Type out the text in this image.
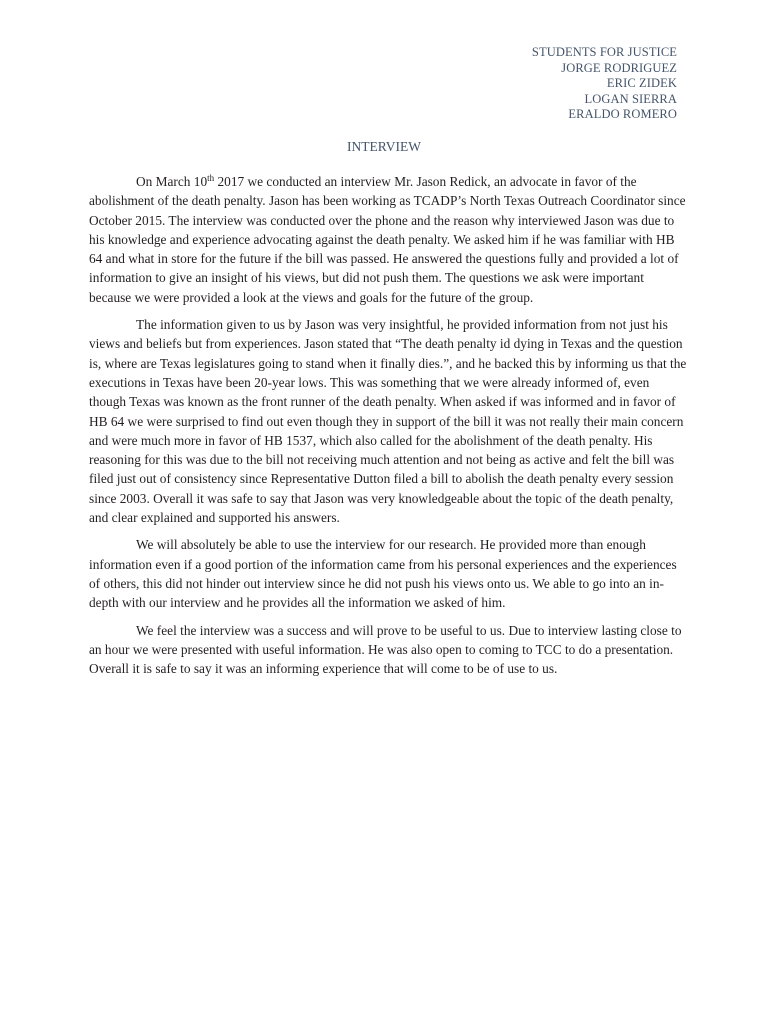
STUDENTS FOR JUSTICE
JORGE RODRIGUEZ
ERIC ZIDEK
LOGAN SIERRA
ERALDO ROMERO
INTERVIEW

On March 10th 2017 we conducted an interview Mr. Jason Redick, an advocate in favor of the abolishment of the death penalty. Jason has been working as TCADP’s North Texas Outreach Coordinator since October 2015. The interview was conducted over the phone and the reason why interviewed Jason was due to his knowledge and experience advocating against the death penalty. We asked him if he was familiar with HB 64 and what in store for the future if the bill was passed. He answered the questions fully and provided a lot of information to give an insight of his views, but did not push them. The questions we ask were important because we were provided a look at the views and goals for the future of the group.

The information given to us by Jason was very insightful, he provided information from not just his views and beliefs but from experiences. Jason stated that “The death penalty id dying in Texas and the question is, where are Texas legislatures going to stand when it finally dies.”, and he backed this by informing us that the executions in Texas have been 20-year lows. This was something that we were already informed of, even though Texas was known as the front runner of the death penalty. When asked if was informed and in favor of HB 64 we were surprised to find out even though they in support of the bill it was not really their main concern and were much more in favor of HB 1537, which also called for the abolishment of the death penalty. His reasoning for this was due to the bill not receiving much attention and not being as active and felt the bill was filed just out of consistency since Representative Dutton filed a bill to abolish the death penalty every session since 2003. Overall it was safe to say that Jason was very knowledgeable about the topic of the death penalty, and clear explained and supported his answers.

We will absolutely be able to use the interview for our research. He provided more than enough information even if a good portion of the information came from his personal experiences and the experiences of others, this did not hinder out interview since he did not push his views onto us. We able to go into an in-depth with our interview and he provides all the information we asked of him.

We feel the interview was a success and will prove to be useful to us. Due to interview lasting close to an hour we were presented with useful information. He was also open to coming to TCC to do a presentation. Overall it is safe to say it was an informing experience that will come to be of use to us.
